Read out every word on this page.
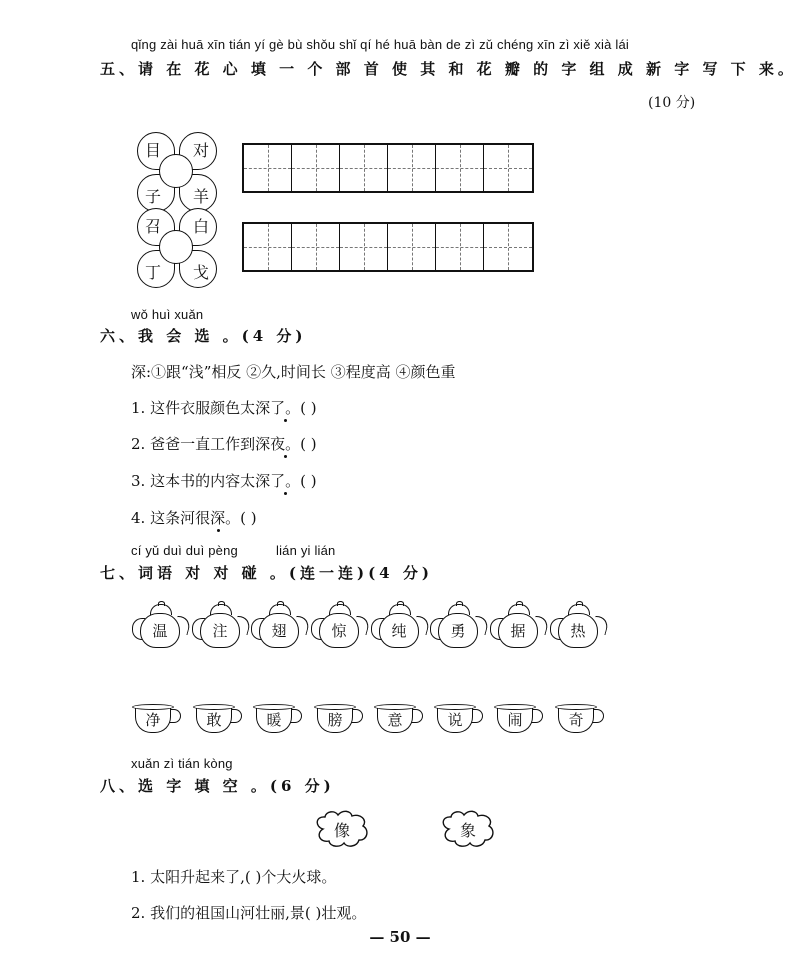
qǐng zài huā xīn tián yí gè bù shǒu shǐ qí hé huā bàn de zì zǔ chéng xīn zì xiě xià lái
五、请 在 花 心 填 一 个 部 首 使 其 和 花 瓣 的 字 组 成 新 字 写 下 来。
(10 分)
目 对
子 羊
召 白
丁 戈
wǒ huì xuǎn
六、我 会 选 。(4 分)
深:①跟“浅”相反 ②久,时间长 ③程度高 ④颜色重
1. 这件衣服颜色太深了。( )
2. 爸爸一直工作到深夜。( )
3. 这本书的内容太深了。( )
4. 这条河很深。( )
cí yǔ duì duì pèng	lián yi lián
七、词语 对 对 碰 。(连一连)(4 分)
温	注	翅	惊	纯	勇	据	热
净	敢	暖	膀	意	说	闹	奇
xuǎn zì tián kòng
八、选 字 填 空 。(6 分)
像	象
1. 太阳升起来了,( )个大火球。
2. 我们的祖国山河壮丽,景( )壮观。
— 50 —
